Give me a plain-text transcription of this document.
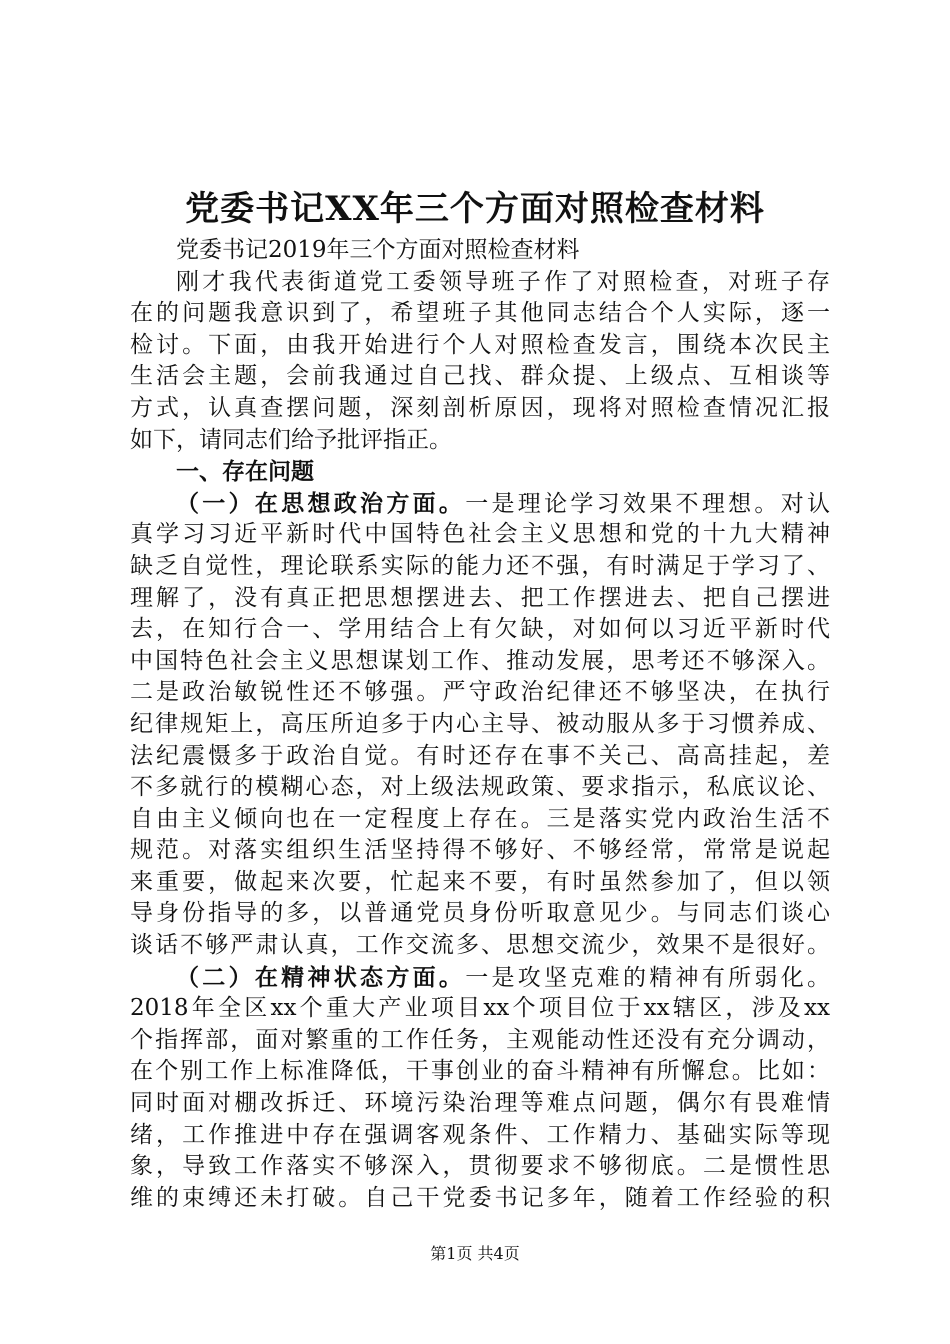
党委书记XX年三个方面对照检查材料
党委书记2019年三个方面对照检查材料
刚才我代表街道党工委领导班子作了对照检查，对班子存
在的问题我意识到了，希望班子其他同志结合个人实际，逐一
检讨。下面，由我开始进行个人对照检查发言，围绕本次民主
生活会主题，会前我通过自己找、群众提、上级点、互相谈等
方式，认真查摆问题，深刻剖析原因，现将对照检查情况汇报
如下，请同志们给予批评指正。
一、存在问题
（一）在思想政治方面。一是理论学习效果不理想。对认
真学习习近平新时代中国特色社会主义思想和党的十九大精神
缺乏自觉性，理论联系实际的能力还不强，有时满足于学习了、
理解了，没有真正把思想摆进去、把工作摆进去、把自己摆进
去，在知行合一、学用结合上有欠缺，对如何以习近平新时代
中国特色社会主义思想谋划工作、推动发展，思考还不够深入。
二是政治敏锐性还不够强。严守政治纪律还不够坚决，在执行
纪律规矩上，高压所迫多于内心主导、被动服从多于习惯养成、
法纪震慑多于政治自觉。有时还存在事不关己、高高挂起，差
不多就行的模糊心态，对上级法规政策、要求指示，私底议论、
自由主义倾向也在一定程度上存在。三是落实党内政治生活不
规范。对落实组织生活坚持得不够好、不够经常，常常是说起
来重要，做起来次要，忙起来不要，有时虽然参加了，但以领
导身份指导的多，以普通党员身份听取意见少。与同志们谈心
谈话不够严肃认真，工作交流多、思想交流少，效果不是很好。
（二）在精神状态方面。一是攻坚克难的精神有所弱化。
2018年全区xx个重大产业项目xx个项目位于xx辖区，涉及xx
个指挥部，面对繁重的工作任务，主观能动性还没有充分调动，
在个别工作上标准降低，干事创业的奋斗精神有所懈怠。比如：
同时面对棚改拆迁、环境污染治理等难点问题，偶尔有畏难情
绪，工作推进中存在强调客观条件、工作精力、基础实际等现
象，导致工作落实不够深入，贯彻要求不够彻底。二是惯性思
维的束缚还未打破。自己干党委书记多年，随着工作经验的积
第1页 共4页
